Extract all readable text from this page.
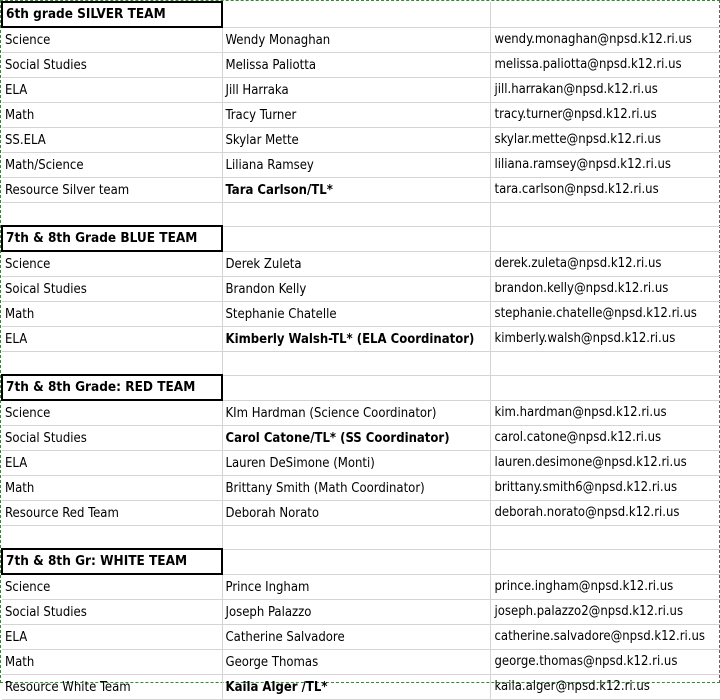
6th grade SILVER TEAM		
Science	Wendy Monaghan	wendy.monaghan@npsd.k12.ri.us
Social Studies	Melissa Paliotta	melissa.paliotta@npsd.k12.ri.us
ELA	Jill Harraka	jill.harrakan@npsd.k12.ri.us
Math	Tracy Turner	tracy.turner@npsd.k12.ri.us
SS.ELA	Skylar Mette	skylar.mette@npsd.k12.ri.us
Math/Science	Liliana Ramsey	liliana.ramsey@npsd.k12.ri.us
Resource Silver team	Tara Carlson/TL*	tara.carlson@npsd.k12.ri.us

7th & 8th Grade BLUE TEAM		
Science	Derek Zuleta	derek.zuleta@npsd.k12.ri.us
Soical Studies	Brandon Kelly	brandon.kelly@npsd.k12.ri.us
Math	Stephanie Chatelle	stephanie.chatelle@npsd.k12.ri.us
ELA	Kimberly Walsh-TL* (ELA Coordinator)	kimberly.walsh@npsd.k12.ri.us

7th & 8th Grade: RED TEAM		
Science	KIm Hardman (Science Coordinator)	kim.hardman@npsd.k12.ri.us
Social Studies	Carol Catone/TL* (SS Coordinator)	carol.catone@npsd.k12.ri.us
ELA	Lauren DeSimone (Monti)	lauren.desimone@npsd.k12.ri.us
Math	Brittany Smith (Math Coordinator)	brittany.smith6@npsd.k12.ri.us
Resource Red Team	Deborah Norato	deborah.norato@npsd.k12.ri.us

7th & 8th Gr: WHITE TEAM		
Science	Prince Ingham	prince.ingham@npsd.k12.ri.us
Social Studies	Joseph Palazzo	joseph.palazzo2@npsd.k12.ri.us
ELA	Catherine Salvadore	catherine.salvadore@npsd.k12.ri.us
Math	George Thomas	george.thomas@npsd.k12.ri.us
Resource White Team	Kaila Alger /TL*	kaila.alger@npsd.k12.ri.us
